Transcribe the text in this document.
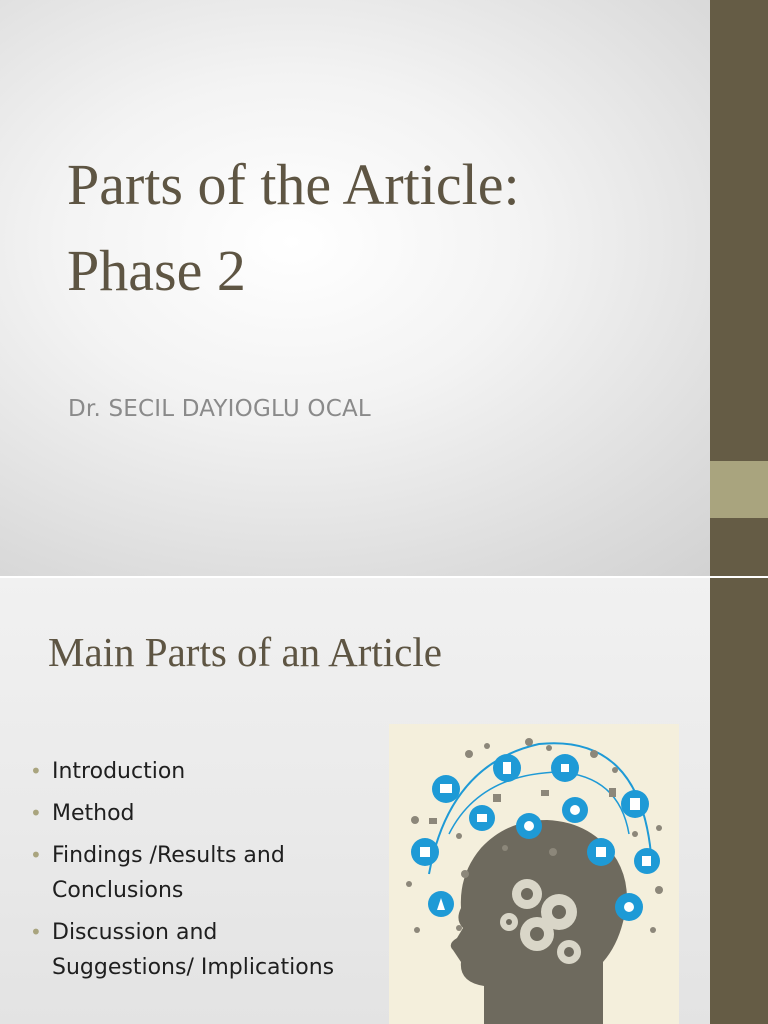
Parts of the Article:
Phase 2
Dr. SECIL DAYIOGLU OCAL
Main Parts of an Article
• Introduction
• Method
• Findings /Results and
Conclusions
• Discussion and
Suggestions/ Implications
